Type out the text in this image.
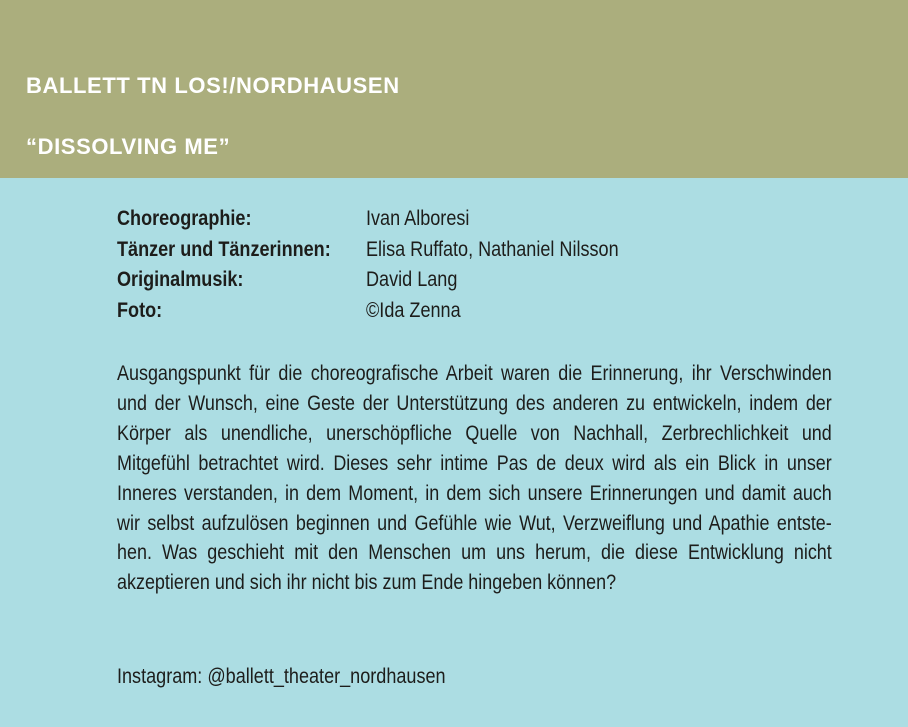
BALLETT TN LOS!/NORDHAUSEN
“DISSOLVING ME”
Choreographie:	Ivan Alboresi
Tänzer und Tänzerinnen: Elisa Ruffato, Nathaniel Nilsson
Originalmusik:	David Lang
Foto:	©Ida Zenna

Ausgangspunkt für die choreografische Arbeit waren die Erinnerung, ihr Verschwinden und der Wunsch, eine Geste der Unterstützung des anderen zu entwickeln, indem der Körper als unendliche, unerschöpfliche Quelle von Nachhall, Zerbrechlichkeit und Mitgefühl betrachtet wird. Dieses sehr intime Pas de deux wird als ein Blick in unser Inneres verstanden, in dem Moment, in dem sich unsere Erinnerungen und damit auch wir selbst aufzulösen beginnen und Gefühle wie Wut, Verzweiflung und Apathie entstehen. Was geschieht mit den Menschen um uns herum, die diese Entwicklung nicht akzeptieren und sich ihr nicht bis zum Ende hingeben können?

Instagram: @ballett_theater_nordhausen
